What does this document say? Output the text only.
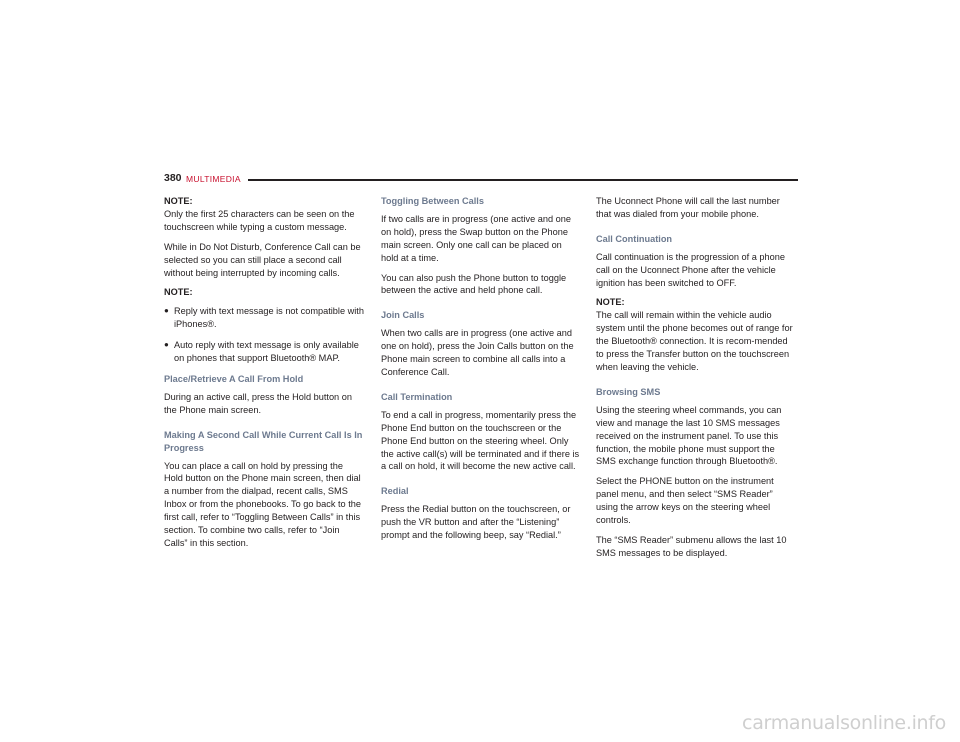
380 MULTIMEDIA

NOTE:
Only the first 25 characters can be seen on the touchscreen while typing a custom message.

While in Do Not Disturb, Conference Call can be selected so you can still place a second call without being interrupted by incoming calls.

NOTE:

● Reply with text message is not compatible with iPhones®.
● Auto reply with text message is only available on phones that support Bluetooth® MAP.
Place/Retrieve A Call From Hold

During an active call, press the Hold button on the Phone main screen.

Making A Second Call While Current Call Is In Progress

You can place a call on hold by pressing the Hold button on the Phone main screen, then dial a number from the dialpad, recent calls, SMS Inbox or from the phonebooks. To go back to the first call, refer to “Toggling Between Calls” in this section. To combine two calls, refer to “Join Calls” in this section.

Toggling Between Calls

If two calls are in progress (one active and one on hold), press the Swap button on the Phone main screen. Only one call can be placed on hold at a time.

You can also push the Phone button to toggle between the active and held phone call.

Join Calls

When two calls are in progress (one active and one on hold), press the Join Calls button on the Phone main screen to combine all calls into a Conference Call.

Call Termination

To end a call in progress, momentarily press the Phone End button on the touchscreen or the Phone End button on the steering wheel. Only the active call(s) will be terminated and if there is a call on hold, it will become the new active call.

Redial

Press the Redial button on the touchscreen, or push the VR button and after the “Listening” prompt and the following beep, say “Redial.”

The Uconnect Phone will call the last number that was dialed from your mobile phone.

Call Continuation

Call continuation is the progression of a phone call on the Uconnect Phone after the vehicle ignition has been switched to OFF.

NOTE:
The call will remain within the vehicle audio system until the phone becomes out of range for the Bluetooth® connection. It is recom-mended to press the Transfer button on the touchscreen when leaving the vehicle.

Browsing SMS

Using the steering wheel commands, you can view and manage the last 10 SMS messages received on the instrument panel. To use this function, the mobile phone must support the SMS exchange function through Bluetooth®.

Select the PHONE button on the instrument panel menu, and then select “SMS Reader” using the arrow keys on the steering wheel controls.

The “SMS Reader” submenu allows the last 10 SMS messages to be displayed.

carmanualsonline.info
